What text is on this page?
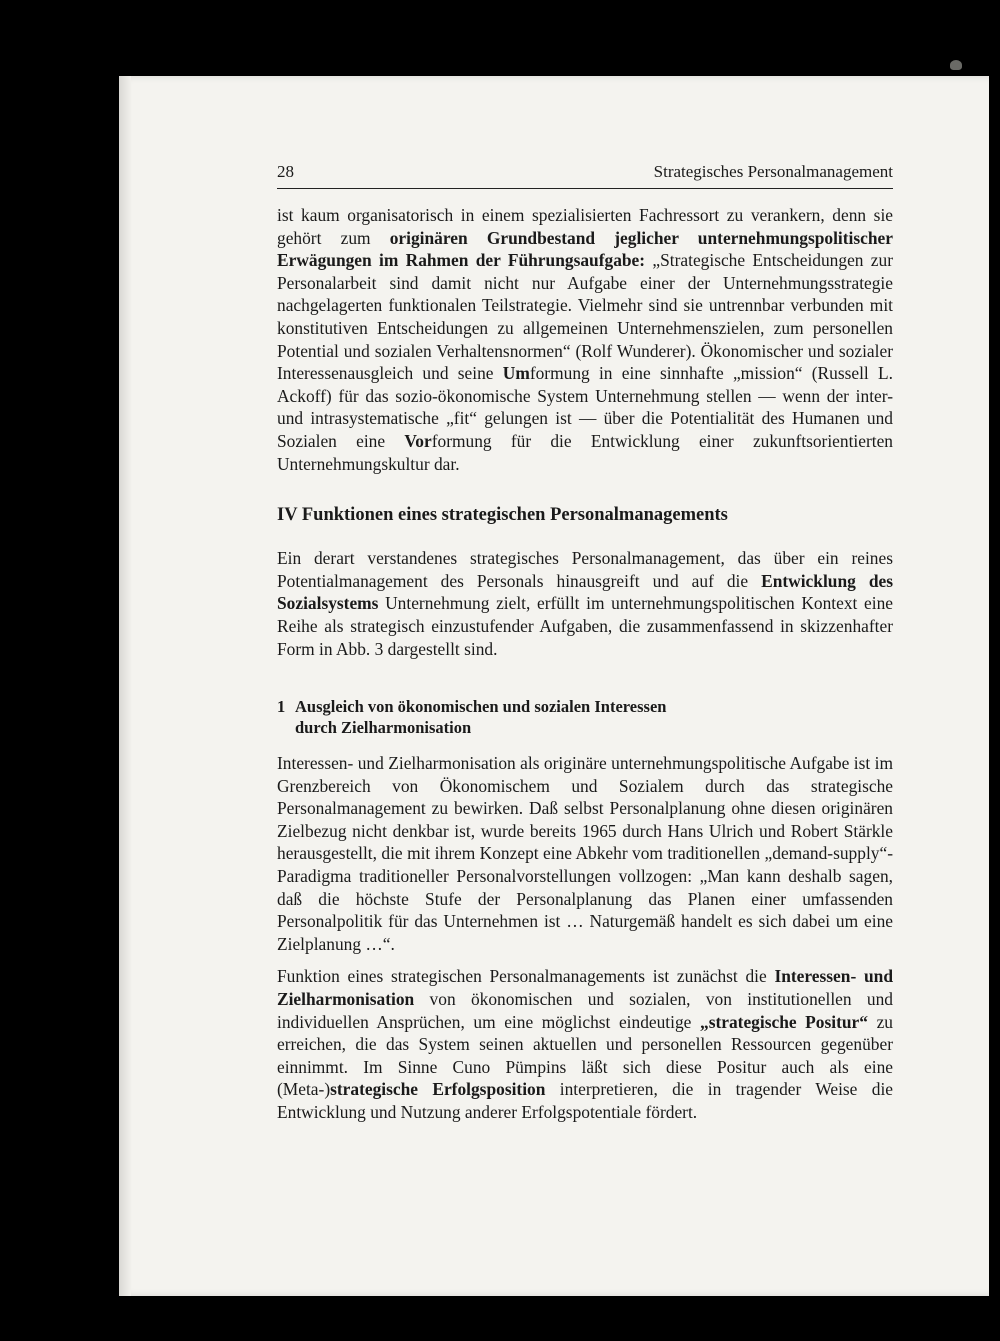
28	Strategisches Personalmanagement

ist kaum organisatorisch in einem spezialisierten Fachressort zu verankern, denn sie gehört zum originären Grundbestand jeglicher unternehmungspolitischer Erwägungen im Rahmen der Führungsaufgabe: „Strategische Entscheidungen zur Personalarbeit sind damit nicht nur Aufgabe einer der Unternehmungsstrategie nachgelagerten funktionalen Teilstrategie. Vielmehr sind sie untrennbar verbunden mit konstitutiven Entscheidungen zu allgemeinen Unternehmenszielen, zum personellen Potential und sozialen Verhaltensnormen“ (Rolf Wunderer). Ökonomischer und sozialer Interessenausgleich und seine Umformung in eine sinnhafte „mission“ (Russell L. Ackoff) für das sozio-ökonomische System Unternehmung stellen — wenn der inter- und intrasystematische „fit“ gelungen ist — über die Potentialität des Humanen und Sozialen eine Vorformung für die Entwicklung einer zukunftsorientierten Unternehmungskultur dar.

IV Funktionen eines strategischen Personalmanagements

Ein derart verstandenes strategisches Personalmanagement, das über ein reines Potentialmanagement des Personals hinausgreift und auf die Entwicklung des Sozialsystems Unternehmung zielt, erfüllt im unternehmungspolitischen Kontext eine Reihe als strategisch einzustufender Aufgaben, die zusammenfassend in skizzenhafter Form in Abb. 3 dargestellt sind.

1 Ausgleich von ökonomischen und sozialen Interessen
durch Zielharmonisation

Interessen- und Zielharmonisation als originäre unternehmungspolitische Aufgabe ist im Grenzbereich von Ökonomischem und Sozialem durch das strategische Personalmanagement zu bewirken. Daß selbst Personalplanung ohne diesen originären Zielbezug nicht denkbar ist, wurde bereits 1965 durch Hans Ulrich und Robert Stärkle herausgestellt, die mit ihrem Konzept eine Abkehr vom traditionellen „demand-supply“-Paradigma traditioneller Personalvorstellungen vollzogen: „Man kann deshalb sagen, daß die höchste Stufe der Personalplanung das Planen einer umfassenden Personalpolitik für das Unternehmen ist … Naturgemäß handelt es sich dabei um eine Zielplanung …“.

Funktion eines strategischen Personalmanagements ist zunächst die Interessen- und Zielharmonisation von ökonomischen und sozialen, von institutionellen und individuellen Ansprüchen, um eine möglichst eindeutige „strategische Positur“ zu erreichen, die das System seinen aktuellen und personellen Ressourcen gegenüber einnimmt. Im Sinne Cuno Pümpins läßt sich diese Positur auch als eine (Meta-)strategische Erfolgsposition interpretieren, die in tragender Weise die Entwicklung und Nutzung anderer Erfolgspotentiale fördert.
